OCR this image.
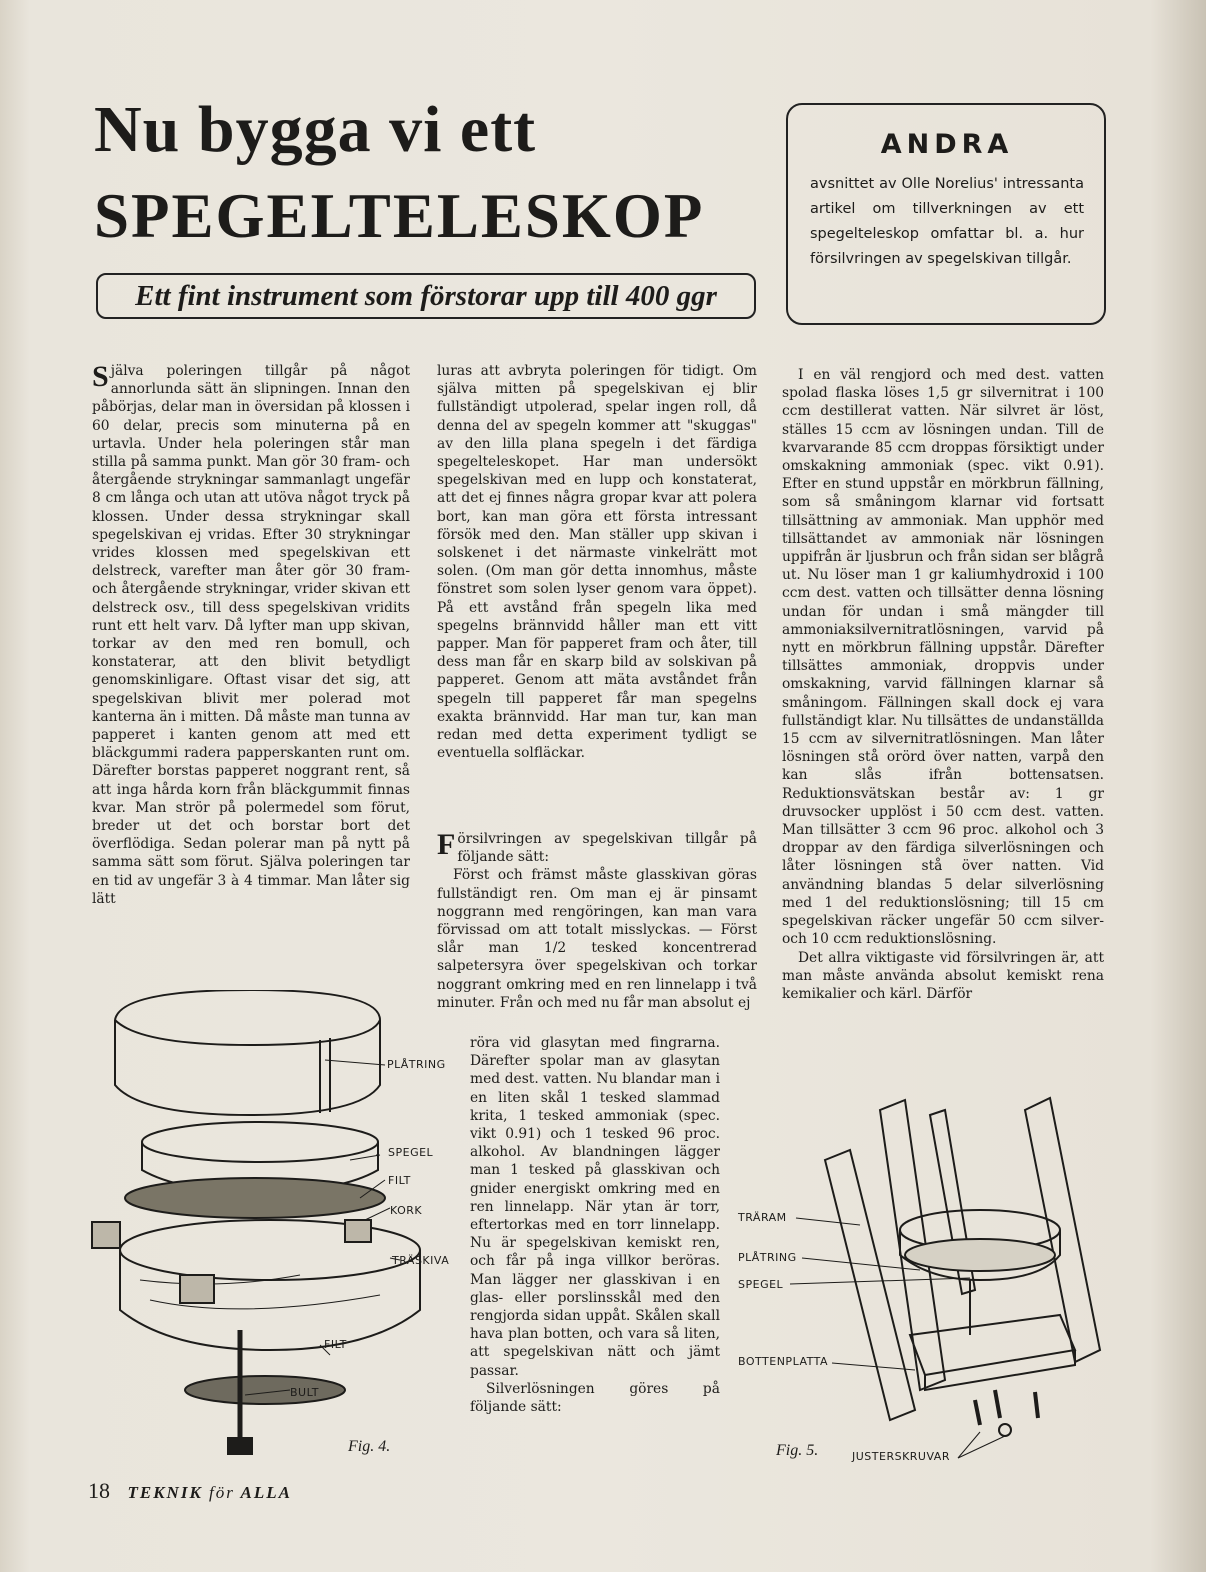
Nu bygga vi ett
SPEGELTELESKOP
Ett fint instrument som förstorar upp till 400 ggr
ANDRA

avsnittet av Olle Norelius' intressanta artikel om tillverkningen av ett spegelteleskop omfattar bl. a. hur försilvringen av spegelskivan tillgår.

Själva poleringen tillgår på något annorlunda sätt än slipningen. Innan den påbörjas, delar man in översidan på klossen i 60 delar, precis som minuterna på en urtavla. Under hela poleringen står man stilla på samma punkt. Man gör 30 fram- och återgående strykningar sammanlagt ungefär 8 cm långa och utan att utöva något tryck på klossen. Under dessa strykningar skall spegelskivan ej vridas. Efter 30 strykningar vrides klossen med spegelskivan ett delstreck, varefter man åter gör 30 fram- och återgående strykningar, vrider skivan ett delstreck osv., till dess spegelskivan vridits runt ett helt varv. Då lyfter man upp skivan, torkar av den med ren bomull, och konstaterar, att den blivit betydligt genomskinligare. Oftast visar det sig, att spegelskivan blivit mer polerad mot kanterna än i mitten. Då måste man tunna av papperet i kanten genom att med ett bläckgummi radera papperskanten runt om. Därefter borstas papperet noggrant rent, så att inga hårda korn från bläckgummit finnas kvar. Man strör på polermedel som förut, breder ut det och borstar bort det överflödiga. Sedan polerar man på nytt på samma sätt som förut. Själva poleringen tar en tid av ungefär 3 à 4 timmar. Man låter sig lätt

luras att avbryta poleringen för tidigt. Om själva mitten på spegelskivan ej blir fullständigt utpolerad, spelar ingen roll, då denna del av spegeln kommer att "skuggas" av den lilla plana spegeln i det färdiga spegelteleskopet. Har man undersökt spegelskivan med en lupp och konstaterat, att det ej finnes några gropar kvar att polera bort, kan man göra ett första intressant försök med den. Man ställer upp skivan i solskenet i det närmaste vinkelrätt mot solen. (Om man gör detta innomhus, måste fönstret som solen lyser genom vara öppet). På ett avstånd från spegeln lika med spegelns brännvidd håller man ett vitt papper. Man för papperet fram och åter, till dess man får en skarp bild av solskivan på papperet. Genom att mäta avståndet från spegeln till papperet får man spegelns exakta brännvidd. Har man tur, kan man redan med detta experiment tydligt se eventuella solfläckar.

Försilvringen av spegelskivan tillgår på följande sätt:

Först och främst måste glasskivan göras fullständigt ren. Om man ej är pinsamt noggrann med rengöringen, kan man vara förvissad om att totalt misslyckas. — Först slår man 1/2 tesked koncentrerad salpetersyra över spegelskivan och torkar noggrant omkring med en ren linnelapp i två minuter. Från och med nu får man absolut ej

röra vid glasytan med fingrarna. Därefter spolar man av glasytan med dest. vatten. Nu blandar man i en liten skål 1 tesked slammad krita, 1 tesked ammoniak (spec. vikt 0.91) och 1 tesked 96 proc. alkohol. Av blandningen lägger man 1 tesked på glasskivan och gnider energiskt omkring med en ren linnelapp. När ytan är torr, eftertorkas med en torr linnelapp. Nu är spegelskivan kemiskt ren, och får på inga villkor beröras. Man lägger ner glasskivan i en glas- eller porslinsskål med den rengjorda sidan uppåt. Skålen skall hava plan botten, och vara så liten, att spegelskivan nätt och jämt passar.

Silverlösningen göres på följande sätt:

I en väl rengjord och med dest. vatten spolad flaska löses 1,5 gr silvernitrat i 100 ccm destillerat vatten. När silvret är löst, ställes 15 ccm av lösningen undan. Till de kvarvarande 85 ccm droppas försiktigt under omskakning ammoniak (spec. vikt 0.91). Efter en stund uppstår en mörkbrun fällning, som så småningom klarnar vid fortsatt tillsättning av ammoniak. Man upphör med tillsättandet av ammoniak när lösningen uppifrån är ljusbrun och från sidan ser blågrå ut. Nu löser man 1 gr kaliumhydroxid i 100 ccm dest. vatten och tillsätter denna lösning undan för undan i små mängder till ammoniaksilvernitratlösningen, varvid på nytt en mörkbrun fällning uppstår. Därefter tillsättes ammoniak, droppvis under omskakning, varvid fällningen klarnar så småningom. Fällningen skall dock ej vara fullständigt klar. Nu tillsättes de undanställda 15 ccm av silvernitratlösningen. Man låter lösningen stå orörd över natten, varpå den kan slås ifrån bottensatsen. Reduktionsvätskan består av: 1 gr druvsocker upplöst i 50 ccm dest. vatten. Man tillsätter 3 ccm 96 proc. alkohol och 3 droppar av den färdiga silverlösningen och låter lösningen stå över natten. Vid användning blandas 5 delar silverlösning med 1 del reduktionslösning; till 15 cm spegelskivan räcker ungefär 50 ccm silver- och 10 ccm reduktionslösning.

Det allra viktigaste vid försilvringen är, att man måste använda absolut kemiskt rena kemikalier och kärl. Därför

PLÅTRING
SPEGEL
FILT
KORK
TRÄSKIVA
FILT
BULT
Fig. 4.
TRÄRAM
PLÅTRING
SPEGEL
BOTTENPLATTA
JUSTERSKRUVAR
Fig. 5.
18 TEKNIK för ALLA
